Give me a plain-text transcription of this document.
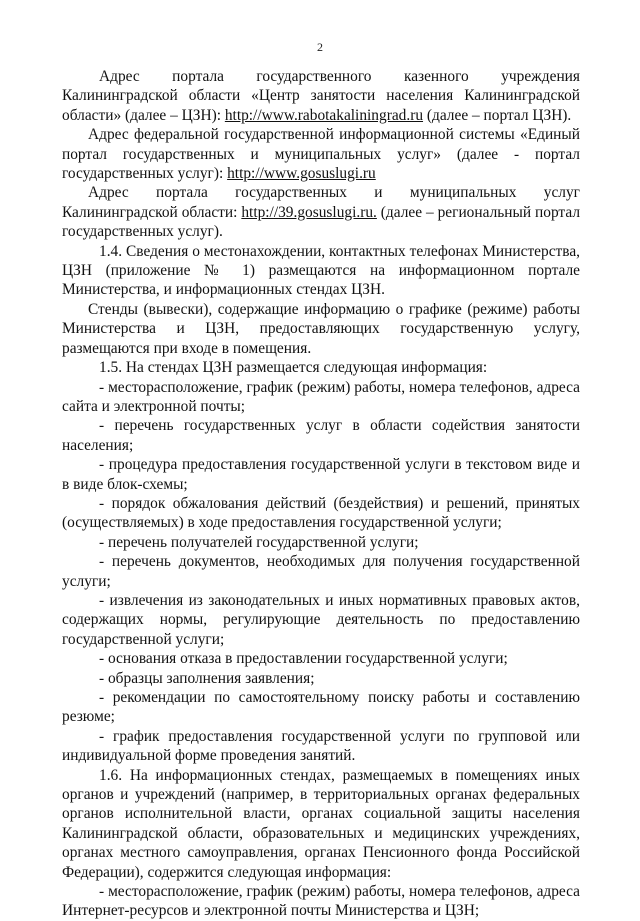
2

Адрес портала государственного казенного учреждения Калининградской области «Центр занятости населения Калининградской области» (далее – ЦЗН): http://www.rabotakaliningrad.ru (далее – портал ЦЗН).

Адрес федеральной государственной информационной системы «Единый портал государственных и муниципальных услуг» (далее - портал государственных услуг): http://www.gosuslugi.ru

Адрес портала государственных и муниципальных услуг Калининградской области: http://39.gosuslugi.ru. (далее – региональный портал государственных услуг).

1.4. Сведения о местонахождении, контактных телефонах Министерства, ЦЗН (приложение № 1) размещаются на информационном портале Министерства, и информационных стендах ЦЗН.

Стенды (вывески), содержащие информацию о графике (режиме) работы Министерства и ЦЗН, предоставляющих государственную услугу, размещаются при входе в помещения.

1.5. На стендах ЦЗН размещается следующая информация:

- месторасположение, график (режим) работы, номера телефонов, адреса сайта и электронной почты;

- перечень государственных услуг в области содействия занятости населения;

- процедура предоставления государственной услуги в текстовом виде и в виде блок-схемы;

- порядок обжалования действий (бездействия) и решений, принятых (осуществляемых) в ходе предоставления государственной услуги;

- перечень получателей государственной услуги;

- перечень документов, необходимых для получения государственной услуги;

- извлечения из законодательных и иных нормативных правовых актов, содержащих нормы, регулирующие деятельность по предоставлению государственной услуги;

- основания отказа в предоставлении государственной услуги;

- образцы заполнения заявления;

- рекомендации по самостоятельному поиску работы и составлению резюме;

- график предоставления государственной услуги по групповой или индивидуальной форме проведения занятий.

1.6. На информационных стендах, размещаемых в помещениях иных органов и учреждений (например, в территориальных органах федеральных органов исполнительной власти, органах социальной защиты населения Калининградской области, образовательных и медицинских учреждениях, органах местного самоуправления, органах Пенсионного фонда Российской Федерации), содержится следующая информация:

- месторасположение, график (режим) работы, номера телефонов, адреса Интернет-ресурсов и электронной почты Министерства и ЦЗН;
